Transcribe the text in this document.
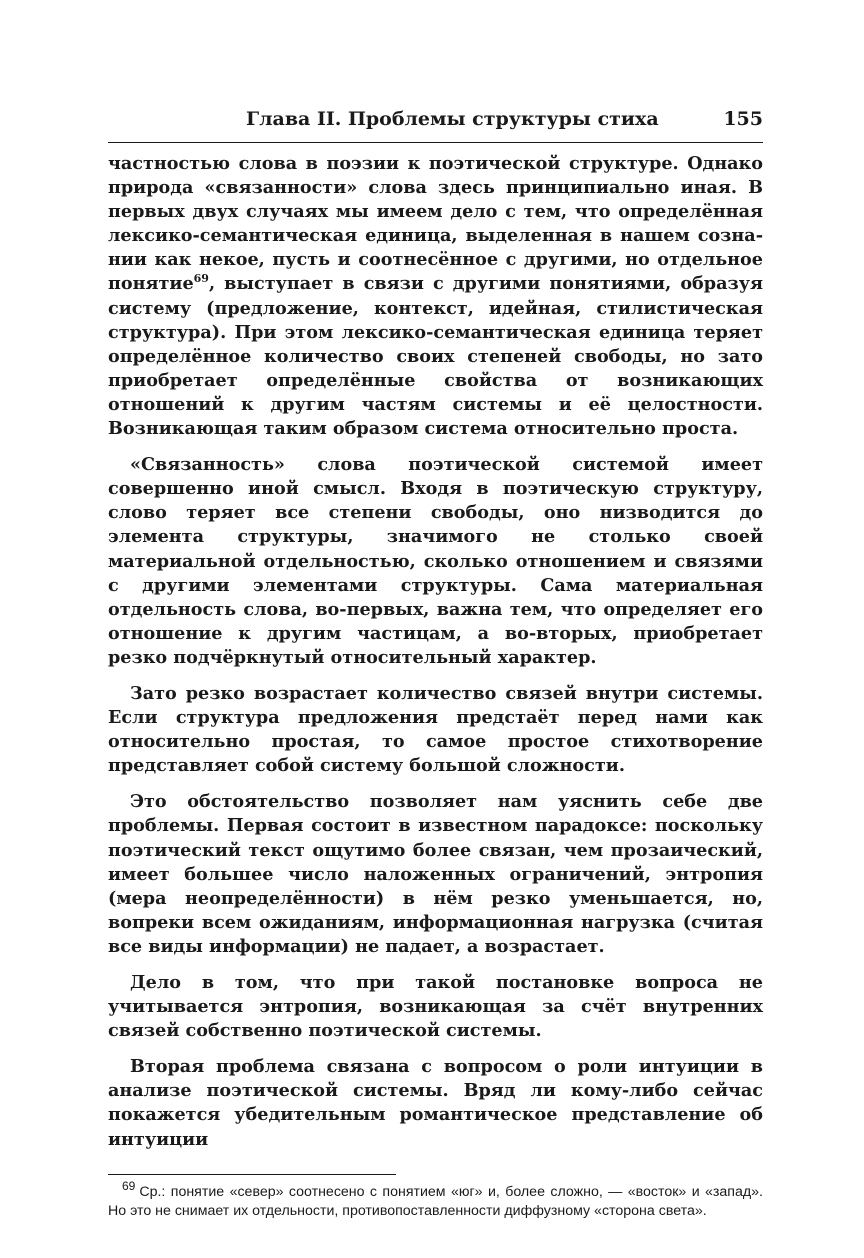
Глава II. Проблемы структуры стиха	155

частностью слова в поэзии к поэтической структуре. Однако природа «связанности» слова здесь принципиально иная. В первых двух случаях мы имеем дело с тем, что определённая лексико-семантическая единица, выделенная в нашем сознании как некое, пусть и соотнесённое с другими, но отдельное понятие$^{69}$, выступает в связи с другими понятиями, образуя систему (предложение, контекст, идейная, стилистическая структура). При этом лексико-семантическая единица теряет определённое количество своих степеней свободы, но зато приобретает определённые свойства от возникающих отношений к другим частям системы и её целостности. Возникающая таким образом система относительно проста.

«Связанность» слова поэтической системой имеет совершенно иной смысл. Входя в поэтическую структуру, слово теряет все степени свободы, оно низводится до элемента структуры, значимого не столько своей материальной отдельностью, сколько отношением и связями с другими элементами структуры. Сама материальная отдельность слова, во-первых, важна тем, что определяет его отношение к другим частицам, а во-вторых, приобретает резко подчёркнутый относительный характер.

Зато резко возрастает количество связей внутри системы. Если структура предложения предстаёт перед нами как относительно простая, то самое простое стихотворение представляет собой систему большой сложности.

Это обстоятельство позволяет нам уяснить себе две проблемы. Первая состоит в известном парадоксе: поскольку поэтический текст ощутимо более связан, чем прозаический, имеет большее число наложенных ограничений, энтропия (мера неопределённости) в нём резко уменьшается, но, вопреки всем ожиданиям, информационная нагрузка (считая все виды информации) не падает, а возрастает.

Дело в том, что при такой постановке вопроса не учитывается энтропия, возникающая за счёт внутренних связей собственно поэтической системы.

Вторая проблема связана с вопросом о роли интуиции в анализе поэтической системы. Вряд ли кому-либо сейчас покажется убедительным романтическое представление об интуиции

$^{69}$ Ср.: понятие «север» соотнесено с понятием «юг» и, более сложно, — «восток» и «запад». Но это не снимает их отдельности, противопоставленности диффузному «сторона света».
